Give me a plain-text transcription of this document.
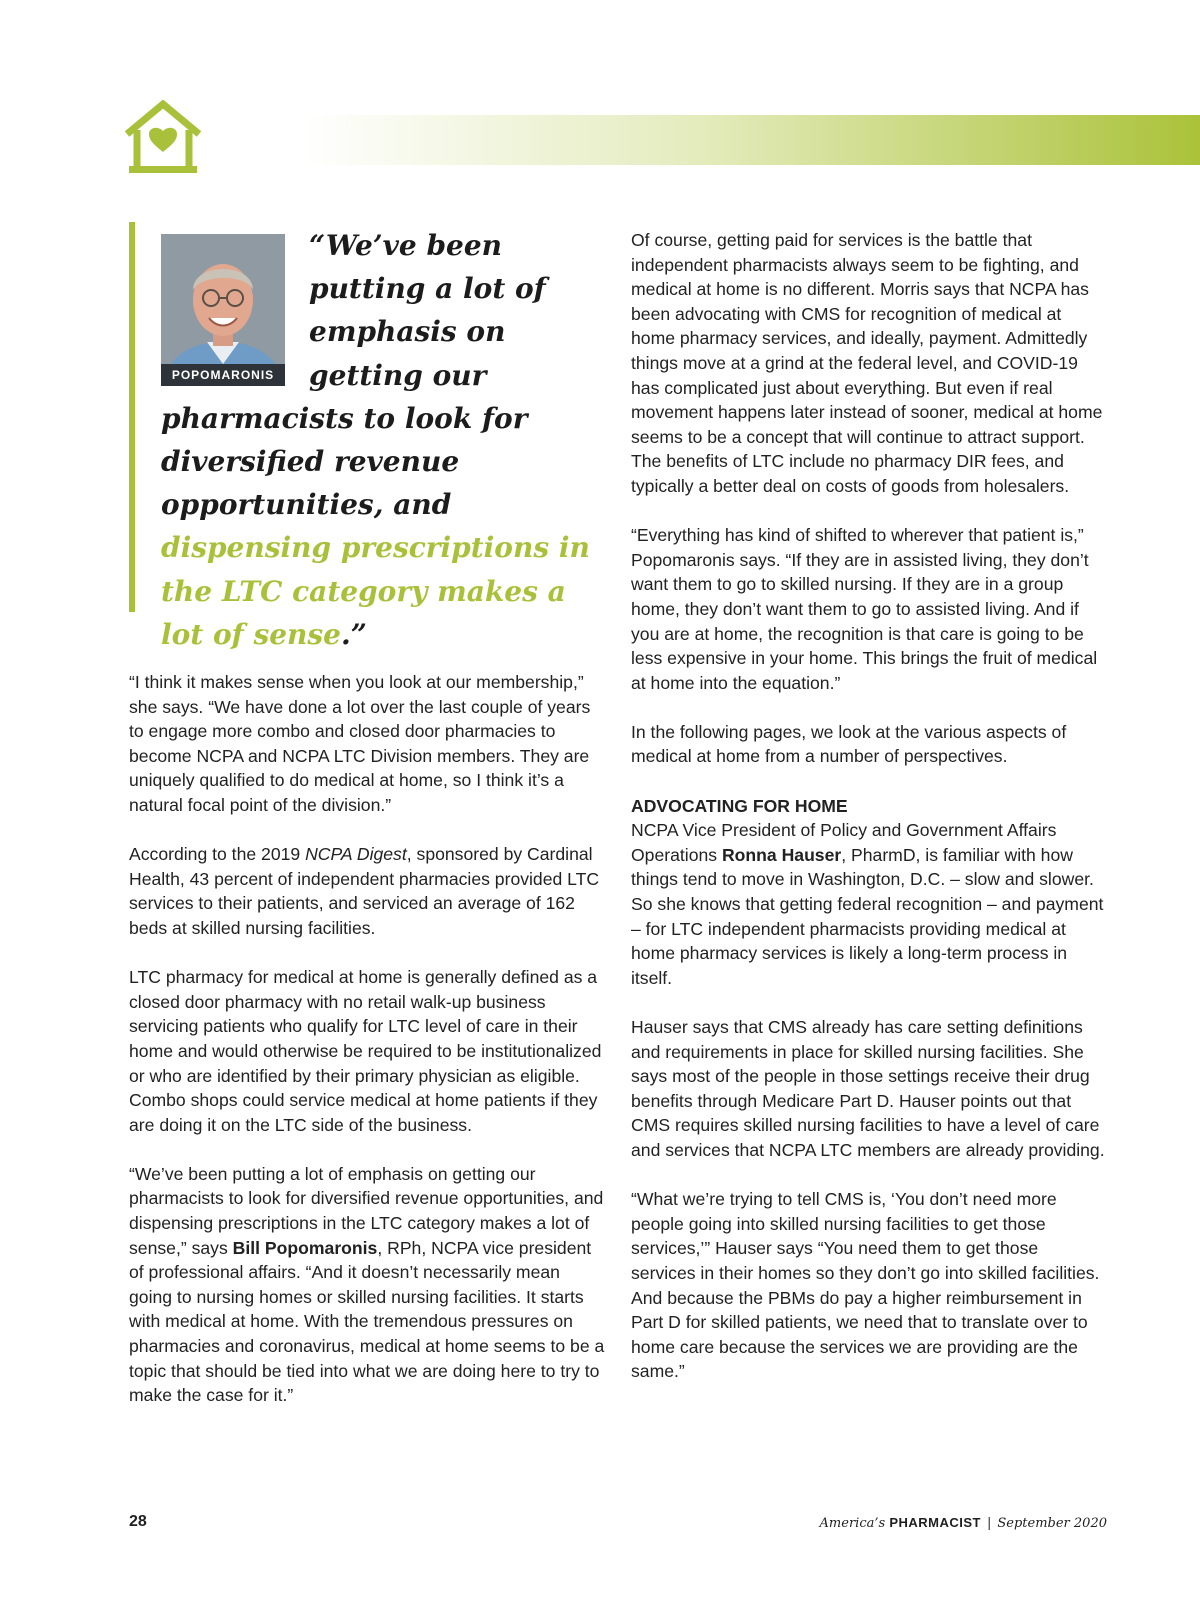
POPOMARONIS

“We’ve been putting a lot of emphasis on getting our pharmacists to look for diversified revenue opportunities, and dispensing prescriptions in the LTC category makes a lot of sense.”

“I think it makes sense when you look at our membership,” she says. “We have done a lot over the last couple of years to engage more combo and closed door pharmacies to become NCPA and NCPA LTC Division members. They are uniquely qualified to do medical at home, so I think it’s a natural focal point of the division.”

According to the 2019 NCPA Digest, sponsored by Cardinal Health, 43 percent of independent pharmacies provided LTC services to their patients, and serviced an average of 162 beds at skilled nursing facilities.

LTC pharmacy for medical at home is generally defined as a closed door pharmacy with no retail walk-up business servicing patients who qualify for LTC level of care in their home and would otherwise be required to be institutionalized or who are identified by their primary physician as eligible. Combo shops could service medical at home patients if they are doing it on the LTC side of the business.

“We’ve been putting a lot of emphasis on getting our pharmacists to look for diversified revenue opportunities, and dispensing prescriptions in the LTC category makes a lot of sense,” says Bill Popomaronis, RPh, NCPA vice president of professional affairs. “And it doesn’t necessarily mean going to nursing homes or skilled nursing facilities. It starts with medical at home. With the tremendous pressures on pharmacies and coronavirus, medical at home seems to be a topic that should be tied into what we are doing here to try to make the case for it.”

Of course, getting paid for services is the battle that independent pharmacists always seem to be fighting, and medical at home is no different. Morris says that NCPA has been advocating with CMS for recognition of medical at home pharmacy services, and ideally, payment. Admittedly things move at a grind at the federal level, and COVID-19 has complicated just about everything. But even if real movement happens later instead of sooner, medical at home seems to be a concept that will continue to attract support. The benefits of LTC include no pharmacy DIR fees, and typically a better deal on costs of goods from holesalers.

“Everything has kind of shifted to wherever that patient is,” Popomaronis says. “If they are in assisted living, they don’t want them to go to skilled nursing. If they are in a group home, they don’t want them to go to assisted living. And if you are at home, the recognition is that care is going to be less expensive in your home. This brings the fruit of medical at home into the equation.”

In the following pages, we look at the various aspects of medical at home from a number of perspectives.

ADVOCATING FOR HOME

NCPA Vice President of Policy and Government Affairs Operations Ronna Hauser, PharmD, is familiar with how things tend to move in Washington, D.C. – slow and slower. So she knows that getting federal recognition – and payment – for LTC independent pharmacists providing medical at home pharmacy services is likely a long-term process in itself.

Hauser says that CMS already has care setting definitions and requirements in place for skilled nursing facilities. She says most of the people in those settings receive their drug benefits through Medicare Part D. Hauser points out that CMS requires skilled nursing facilities to have a level of care and services that NCPA LTC members are already providing.

“What we’re trying to tell CMS is, ‘You don’t need more people going into skilled nursing facilities to get those services,’” Hauser says “You need them to get those services in their homes so they don’t go into skilled facilities. And because the PBMs do pay a higher reimbursement in Part D for skilled patients, we need that to translate over to home care because the services we are providing are the same.”

28	America’s PHARMACIST | September 2020
